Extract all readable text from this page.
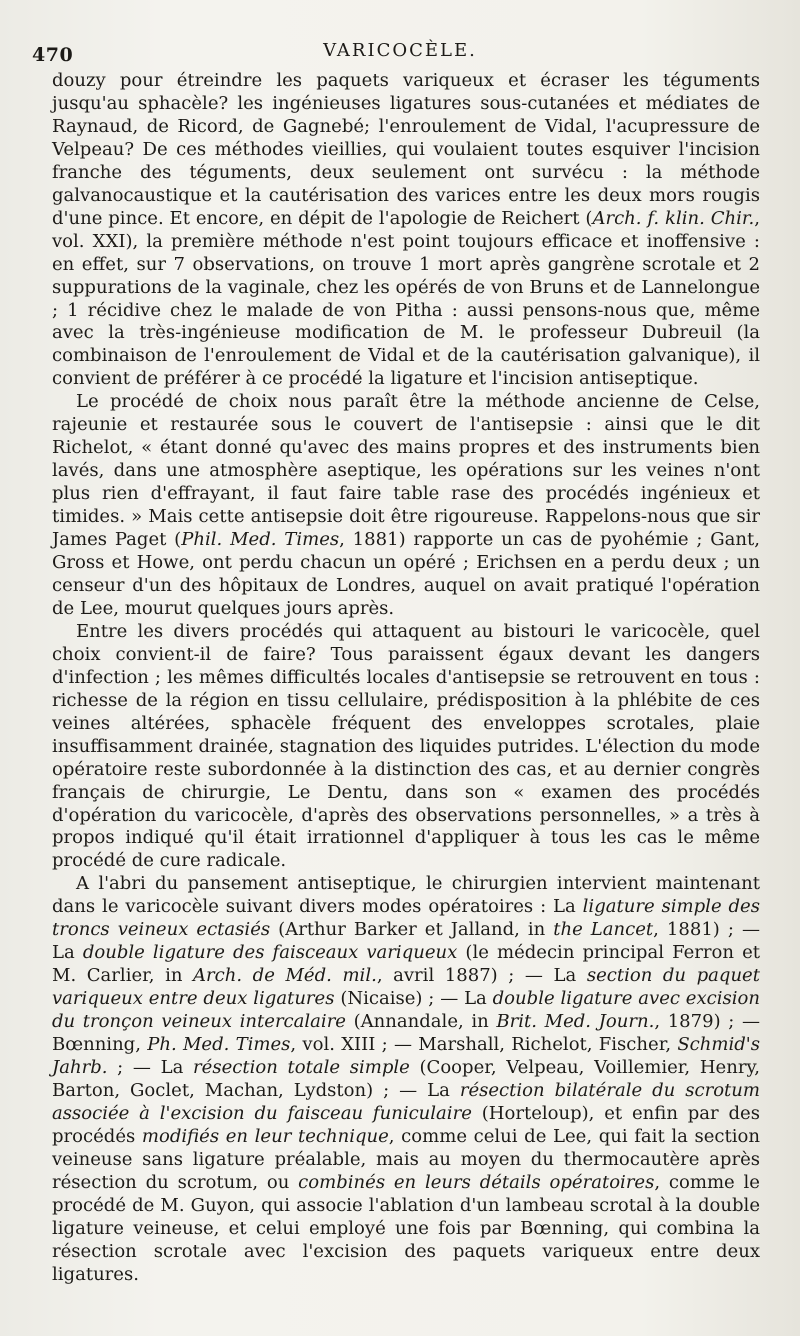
470	VARICOCÈLE.

douzy pour étreindre les paquets variqueux et écraser les téguments jusqu'au sphacèle? les ingénieuses ligatures sous-cutanées et médiates de Raynaud, de Ricord, de Gagnebé; l'enroulement de Vidal, l'acupressure de Velpeau? De ces méthodes vieillies, qui voulaient toutes esquiver l'incision franche des téguments, deux seulement ont survécu : la méthode galvanocaustique et la cautérisation des varices entre les deux mors rougis d'une pince. Et encore, en dépit de l'apologie de Reichert (Arch. f. klin. Chir., vol. XXI), la première méthode n'est point toujours efficace et inoffensive : en effet, sur 7 observations, on trouve 1 mort après gangrène scrotale et 2 suppurations de la vaginale, chez les opérés de von Bruns et de Lannelongue ; 1 récidive chez le malade de von Pitha : aussi pensons-nous que, même avec la très-ingénieuse modification de M. le professeur Dubreuil (la combinaison de l'enroulement de Vidal et de la cautérisation galvanique), il convient de préférer à ce procédé la ligature et l'incision antiseptique.

Le procédé de choix nous paraît être la méthode ancienne de Celse, rajeunie et restaurée sous le couvert de l'antisepsie : ainsi que le dit Richelot, « étant donné qu'avec des mains propres et des instruments bien lavés, dans une atmosphère aseptique, les opérations sur les veines n'ont plus rien d'effrayant, il faut faire table rase des procédés ingénieux et timides. » Mais cette antisepsie doit être rigoureuse. Rappelons-nous que sir James Paget (Phil. Med. Times, 1881) rapporte un cas de pyohémie ; Gant, Gross et Howe, ont perdu chacun un opéré ; Erichsen en a perdu deux ; un censeur d'un des hôpitaux de Londres, auquel on avait pratiqué l'opération de Lee, mourut quelques jours après.

Entre les divers procédés qui attaquent au bistouri le varicocèle, quel choix convient-il de faire? Tous paraissent égaux devant les dangers d'infection ; les mêmes difficultés locales d'antisepsie se retrouvent en tous : richesse de la région en tissu cellulaire, prédisposition à la phlébite de ces veines altérées, sphacèle fréquent des enveloppes scrotales, plaie insuffisamment drainée, stagnation des liquides putrides. L'élection du mode opératoire reste subordonnée à la distinction des cas, et au dernier congrès français de chirurgie, Le Dentu, dans son « examen des procédés d'opération du varicocèle, d'après des observations personnelles, » a très à propos indiqué qu'il était irrationnel d'appliquer à tous les cas le même procédé de cure radicale.

A l'abri du pansement antiseptique, le chirurgien intervient maintenant dans le varicocèle suivant divers modes opératoires : La ligature simple des troncs veineux ectasiés (Arthur Barker et Jalland, in the Lancet, 1881) ; — La double ligature des faisceaux variqueux (le médecin principal Ferron et M. Carlier, in Arch. de Méd. mil., avril 1887) ; — La section du paquet variqueux entre deux ligatures (Nicaise) ; — La double ligature avec excision du tronçon veineux intercalaire (Annandale, in Brit. Med. Journ., 1879) ; — Bœnning, Ph. Med. Times, vol. XIII ; — Marshall, Richelot, Fischer, Schmid's Jahrb. ; — La résection totale simple (Cooper, Velpeau, Voillemier, Henry, Barton, Goclet, Machan, Lydston) ; — La résection bilatérale du scrotum associée à l'excision du faisceau funiculaire (Horteloup), et enfin par des procédés modifiés en leur technique, comme celui de Lee, qui fait la section veineuse sans ligature préalable, mais au moyen du thermocautère après résection du scrotum, ou combinés en leurs détails opératoires, comme le procédé de M. Guyon, qui associe l'ablation d'un lambeau scrotal à la double ligature veineuse, et celui employé une fois par Bœnning, qui combina la résection scrotale avec l'excision des paquets variqueux entre deux ligatures.
